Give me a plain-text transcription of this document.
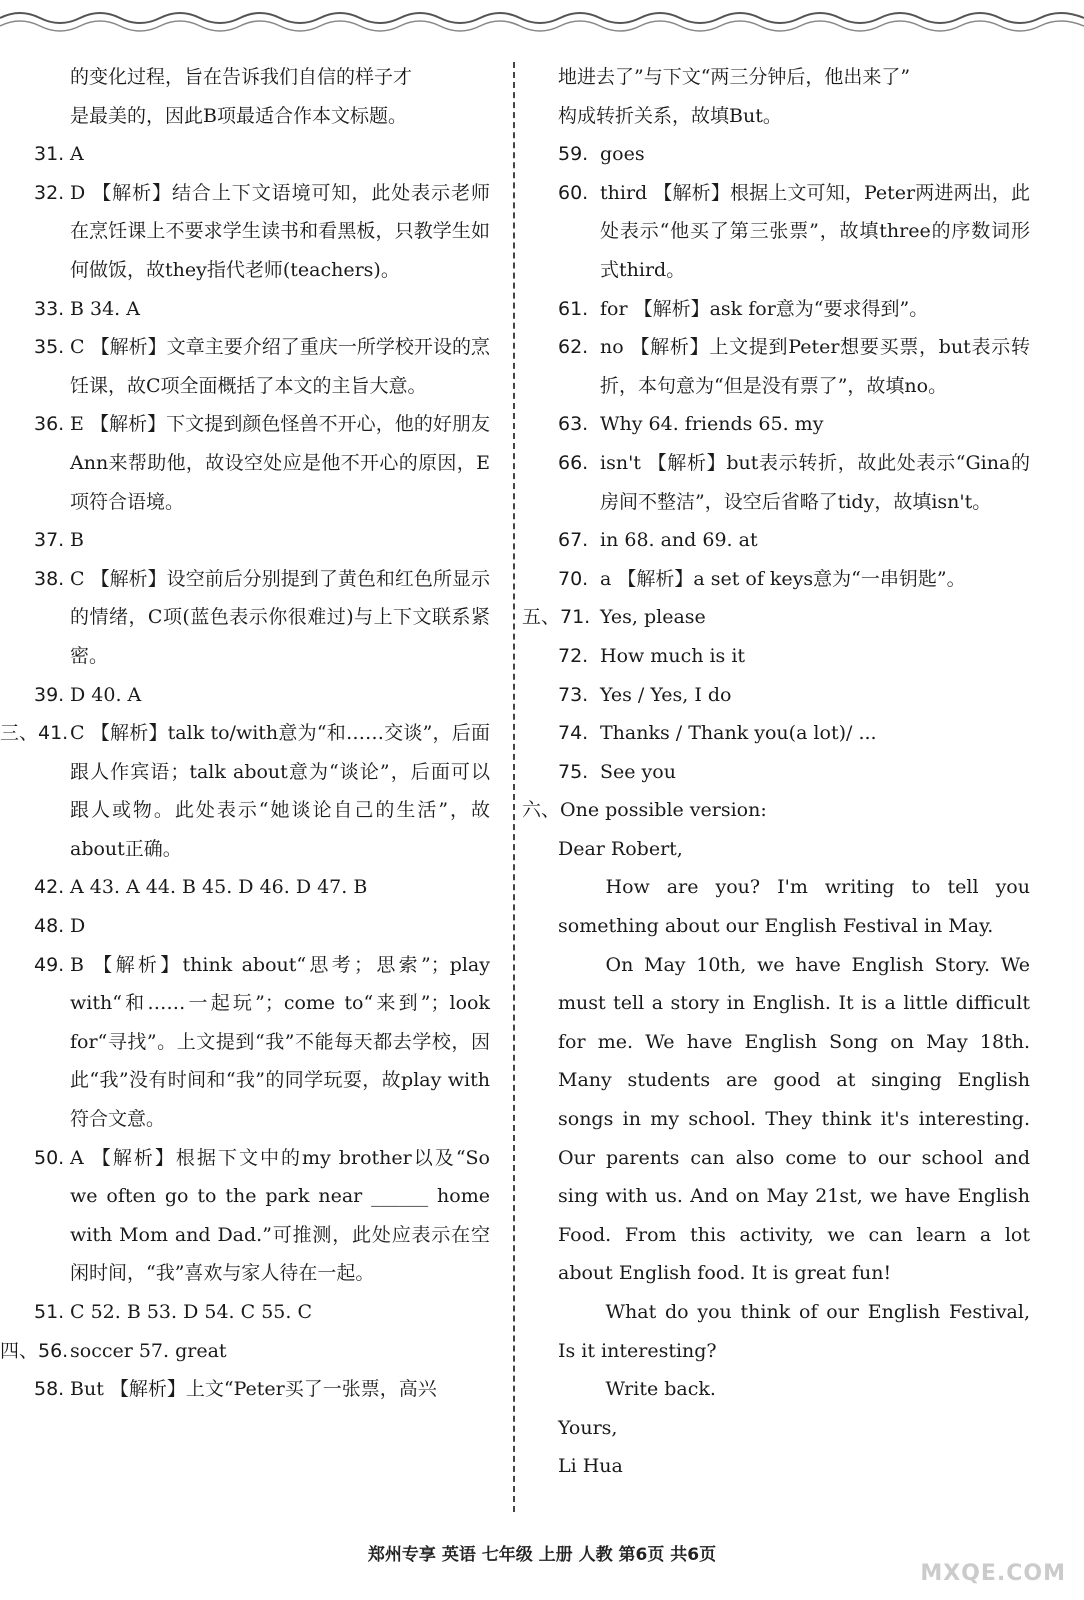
的变化过程，旨在告诉我们自信的样子才
是最美的，因此B项最适合作本文标题。
31. A
32. D 【解析】结合上下文语境可知，此处表示老师在烹饪课上不要求学生读书和看黑板，只教学生如何做饭，故they指代老师(teachers)。
33. B 34. A
35. C 【解析】文章主要介绍了重庆一所学校开设的烹饪课，故C项全面概括了本文的主旨大意。
36. E 【解析】下文提到颜色怪兽不开心，他的好朋友Ann来帮助他，故设空处应是他不开心的原因，E项符合语境。
37. B
38. C 【解析】设空前后分别提到了黄色和红色所显示的情绪，C项(蓝色表示你很难过)与上下文联系紧密。
39. D 40. A
三、41. C 【解析】talk to/with意为“和……交谈”，后面跟人作宾语；talk about意为“谈论”，后面可以跟人或物。此处表示“她谈论自己的生活”，故about正确。
42. A 43. A 44. B 45. D 46. D 47. B
48. D
49. B 【解析】think about“思考；思索”；play with“和……一起玩”；come to“来到”；look for“寻找”。上文提到“我”不能每天都去学校，因此“我”没有时间和“我”的同学玩耍，故play with符合文意。
50. A 【解析】根据下文中的my brother以及“So we often go to the park near ______ home with Mom and Dad.”可推测，此处应表示在空闲时间，“我”喜欢与家人待在一起。
51. C 52. B 53. D 54. C 55. C
四、56. soccer 57. great
58. But 【解析】上文“Peter买了一张票，高兴
地进去了”与下文“两三分钟后，他出来了”
构成转折关系，故填But。
59. goes
60. third 【解析】根据上文可知，Peter两进两出，此处表示“他买了第三张票”，故填three的序数词形式third。
61. for 【解析】ask for意为“要求得到”。
62. no 【解析】上文提到Peter想要买票，but表示转折，本句意为“但是没有票了”，故填no。
63. Why 64. friends 65. my
66. isn't 【解析】but表示转折，故此处表示“Gina的房间不整洁”，设空后省略了tidy，故填isn't。
67. in 68. and 69. at
70. a 【解析】a set of keys意为“一串钥匙”。
五、71. Yes, please
72. How much is it
73. Yes / Yes, I do
74. Thanks / Thank you(a lot)/ ...
75. See you

六、One possible version:

Dear Robert,

How are you? I'm writing to tell you something about our English Festival in May.

On May 10th, we have English Story. We must tell a story in English. It is a little difficult for me. We have English Song on May 18th. Many students are good at singing English songs in my school. They think it's interesting. Our parents can also come to our school and sing with us. And on May 21st, we have English Food. From this activity, we can learn a lot about English food. It is great fun!

What do you think of our English Festival, Is it interesting?

Write back.

Yours,

Li Hua

郑州专享 英语 七年级 上册 人教 第6页 共6页
MXQE.COM
